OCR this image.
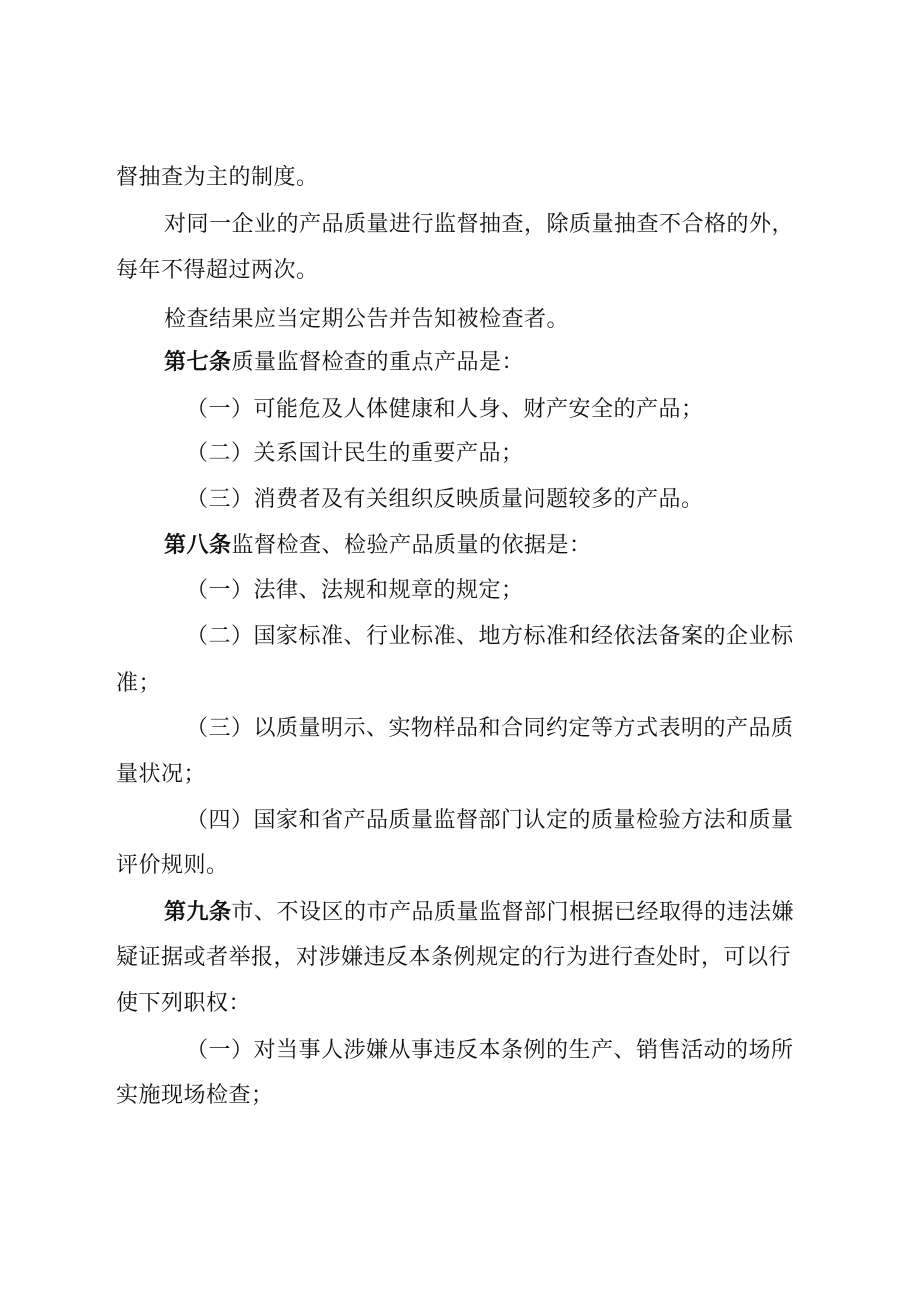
督抽查为主的制度。
对同一企业的产品质量进行监督抽查，除质量抽查不合格的外，
每年不得超过两次。
检查结果应当定期公告并告知被检查者。
第七条质量监督检查的重点产品是：
（一）可能危及人体健康和人身、财产安全的产品；
（二）关系国计民生的重要产品；
（三）消费者及有关组织反映质量问题较多的产品。
第八条监督检查、检验产品质量的依据是：
（一）法律、法规和规章的规定；
（二）国家标准、行业标准、地方标准和经依法备案的企业标
准；
（三）以质量明示、实物样品和合同约定等方式表明的产品质
量状况；
（四）国家和省产品质量监督部门认定的质量检验方法和质量
评价规则。
第九条市、不设区的市产品质量监督部门根据已经取得的违法嫌
疑证据或者举报，对涉嫌违反本条例规定的行为进行查处时，可以行
使下列职权：
（一）对当事人涉嫌从事违反本条例的生产、销售活动的场所
实施现场检查；
